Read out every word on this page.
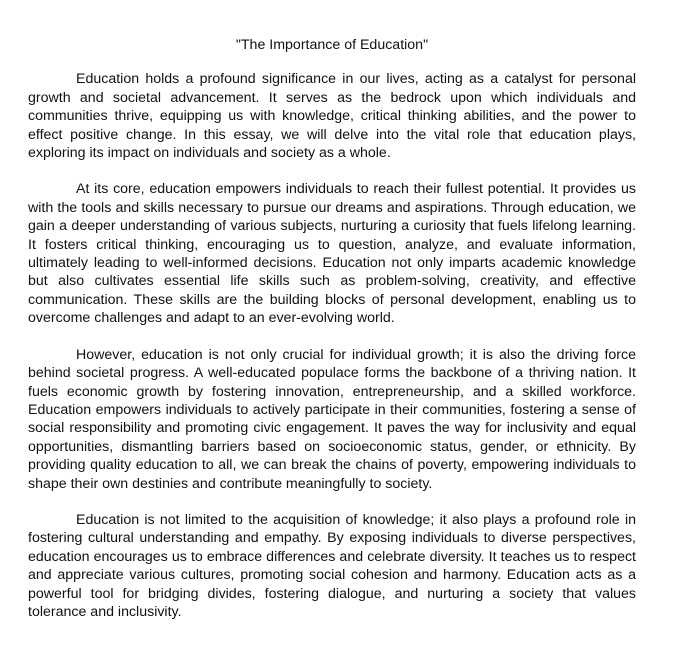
"The Importance of Education"

Education holds a profound significance in our lives, acting as a catalyst for personal growth and societal advancement. It serves as the bedrock upon which individuals and communities thrive, equipping us with knowledge, critical thinking abilities, and the power to effect positive change. In this essay, we will delve into the vital role that education plays, exploring its impact on individuals and society as a whole.

At its core, education empowers individuals to reach their fullest potential. It provides us with the tools and skills necessary to pursue our dreams and aspirations. Through education, we gain a deeper understanding of various subjects, nurturing a curiosity that fuels lifelong learning. It fosters critical thinking, encouraging us to question, analyze, and evaluate information, ultimately leading to well-informed decisions. Education not only imparts academic knowledge but also cultivates essential life skills such as problem-solving, creativity, and effective communication. These skills are the building blocks of personal development, enabling us to overcome challenges and adapt to an ever-evolving world.

However, education is not only crucial for individual growth; it is also the driving force behind societal progress. A well-educated populace forms the backbone of a thriving nation. It fuels economic growth by fostering innovation, entrepreneurship, and a skilled workforce. Education empowers individuals to actively participate in their communities, fostering a sense of social responsibility and promoting civic engagement. It paves the way for inclusivity and equal opportunities, dismantling barriers based on socioeconomic status, gender, or ethnicity. By providing quality education to all, we can break the chains of poverty, empowering individuals to shape their own destinies and contribute meaningfully to society.

Education is not limited to the acquisition of knowledge; it also plays a profound role in fostering cultural understanding and empathy. By exposing individuals to diverse perspectives, education encourages us to embrace differences and celebrate diversity. It teaches us to respect and appreciate various cultures, promoting social cohesion and harmony. Education acts as a powerful tool for bridging divides, fostering dialogue, and nurturing a society that values tolerance and inclusivity.
